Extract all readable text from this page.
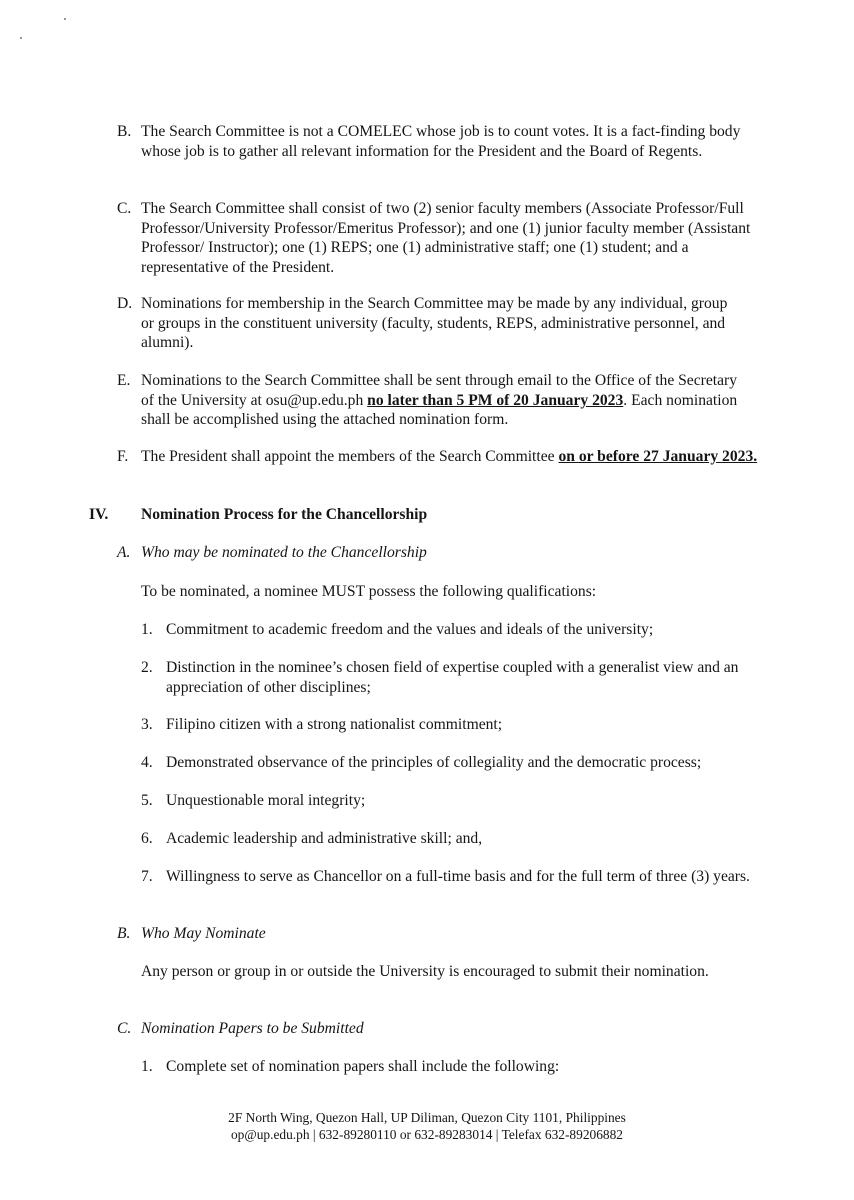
B. The Search Committee is not a COMELEC whose job is to count votes. It is a fact-finding body whose job is to gather all relevant information for the President and the Board of Regents.
C. The Search Committee shall consist of two (2) senior faculty members (Associate Professor/Full Professor/University Professor/Emeritus Professor); and one (1) junior faculty member (Assistant Professor/ Instructor); one (1) REPS; one (1) administrative staff; one (1) student; and a representative of the President.
D. Nominations for membership in the Search Committee may be made by any individual, group or groups in the constituent university (faculty, students, REPS, administrative personnel, and alumni).
E. Nominations to the Search Committee shall be sent through email to the Office of the Secretary of the University at osu@up.edu.ph no later than 5 PM of 20 January 2023. Each nomination shall be accomplished using the attached nomination form.
F. The President shall appoint the members of the Search Committee on or before 27 January 2023.
IV. Nomination Process for the Chancellorship
A. Who may be nominated to the Chancellorship
To be nominated, a nominee MUST possess the following qualifications:
1. Commitment to academic freedom and the values and ideals of the university;
2. Distinction in the nominee’s chosen field of expertise coupled with a generalist view and an appreciation of other disciplines;
3. Filipino citizen with a strong nationalist commitment;
4. Demonstrated observance of the principles of collegiality and the democratic process;
5. Unquestionable moral integrity;
6. Academic leadership and administrative skill; and,
7. Willingness to serve as Chancellor on a full-time basis and for the full term of three (3) years.
B. Who May Nominate
Any person or group in or outside the University is encouraged to submit their nomination.
C. Nomination Papers to be Submitted
1. Complete set of nomination papers shall include the following:
2F North Wing, Quezon Hall, UP Diliman, Quezon City 1101, Philippines
op@up.edu.ph | 632-89280110 or 632-89283014 | Telefax 632-89206882
